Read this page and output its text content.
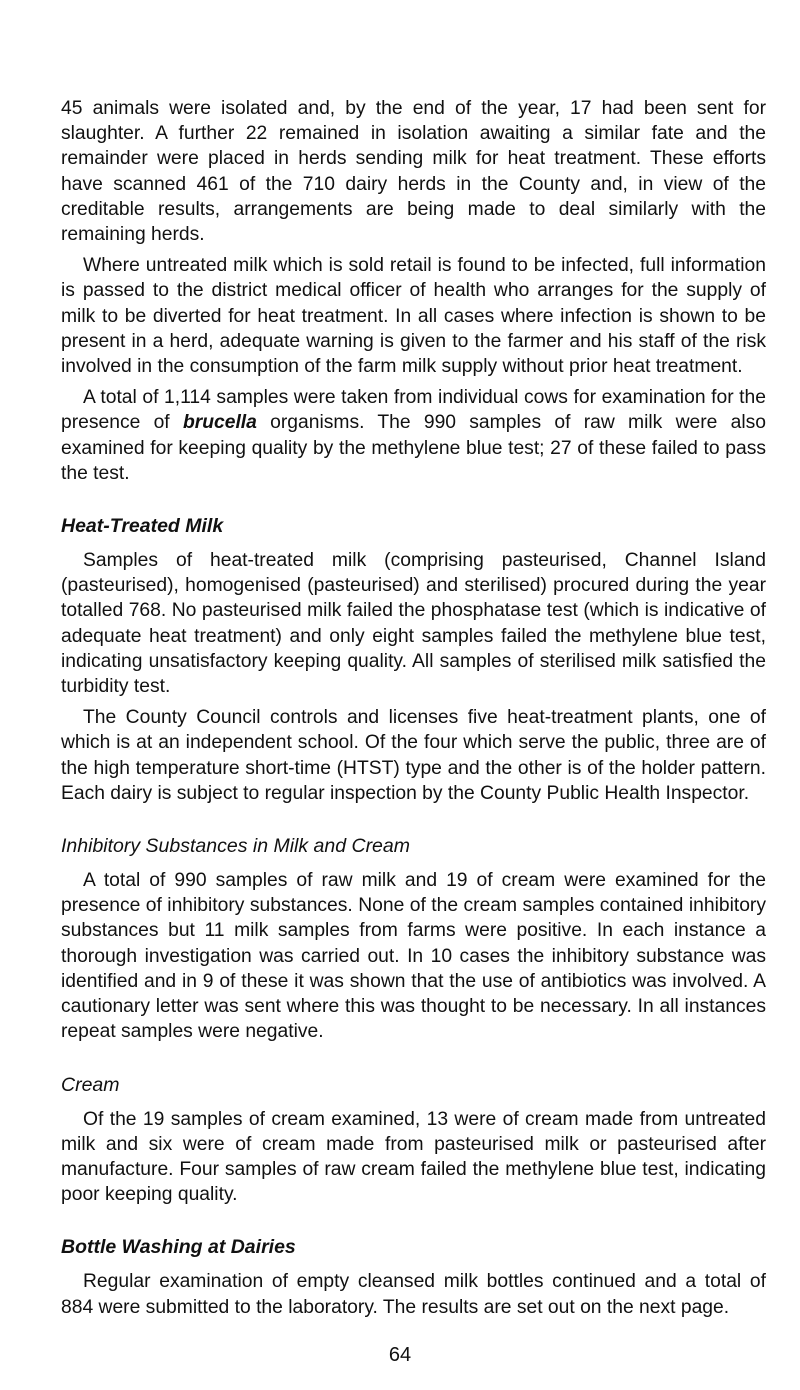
45 animals were isolated and, by the end of the year, 17 had been sent for slaughter. A further 22 remained in isolation awaiting a similar fate and the remainder were placed in herds sending milk for heat treatment. These efforts have scanned 461 of the 710 dairy herds in the County and, in view of the creditable results, arrangements are being made to deal similarly with the remaining herds.

Where untreated milk which is sold retail is found to be infected, full information is passed to the district medical officer of health who arranges for the supply of milk to be diverted for heat treatment. In all cases where infection is shown to be present in a herd, adequate warning is given to the farmer and his staff of the risk involved in the consumption of the farm milk supply without prior heat treatment.

A total of 1,114 samples were taken from individual cows for examination for the presence of brucella organisms. The 990 samples of raw milk were also examined for keeping quality by the methylene blue test; 27 of these failed to pass the test.

Heat-Treated Milk

Samples of heat-treated milk (comprising pasteurised, Channel Island (pasteurised), homogenised (pasteurised) and sterilised) procured during the year totalled 768. No pasteurised milk failed the phosphatase test (which is indicative of adequate heat treatment) and only eight samples failed the methylene blue test, indicating unsatisfactory keeping quality. All samples of sterilised milk satisfied the turbidity test.

The County Council controls and licenses five heat-treatment plants, one of which is at an independent school. Of the four which serve the public, three are of the high temperature short-time (HTST) type and the other is of the holder pattern. Each dairy is subject to regular inspection by the County Public Health Inspector.

Inhibitory Substances in Milk and Cream

A total of 990 samples of raw milk and 19 of cream were examined for the presence of inhibitory substances. None of the cream samples contained inhibitory substances but 11 milk samples from farms were positive. In each instance a thorough investigation was carried out. In 10 cases the inhibitory substance was identified and in 9 of these it was shown that the use of antibiotics was involved. A cautionary letter was sent where this was thought to be necessary. In all instances repeat samples were negative.

Cream

Of the 19 samples of cream examined, 13 were of cream made from untreated milk and six were of cream made from pasteurised milk or pasteurised after manufacture. Four samples of raw cream failed the methylene blue test, indicating poor keeping quality.

Bottle Washing at Dairies

Regular examination of empty cleansed milk bottles continued and a total of 884 were submitted to the laboratory. The results are set out on the next page.

64
